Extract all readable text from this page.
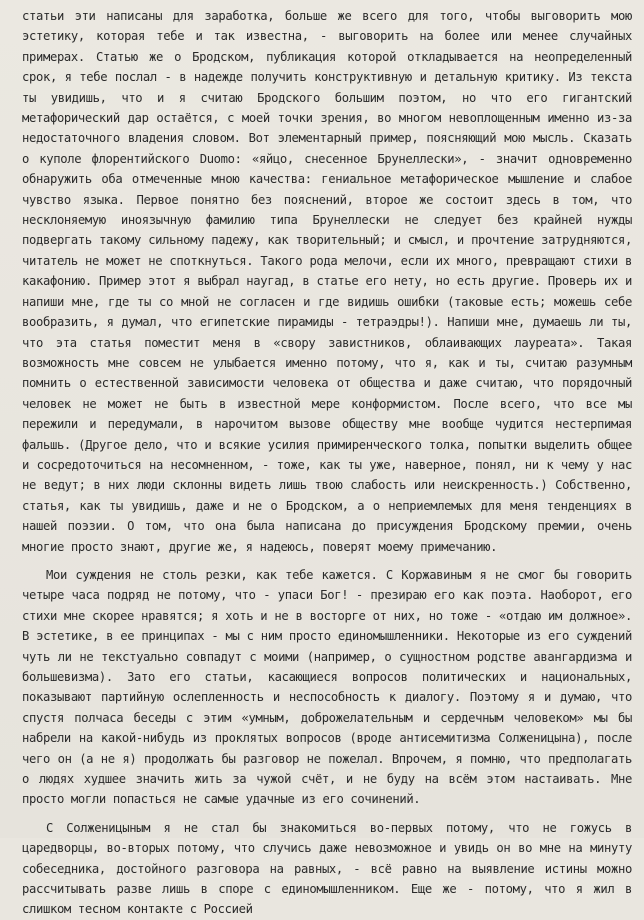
статьи эти написаны для заработка, больше же всего для того, чтобы выговорить мою эстетику, которая тебе и так известна, - выговорить на более или менее случайных примерах. Статью же о Бродском, публикация которой откладывается на неопределенный срок, я тебе послал - в надежде получить конструктивную и детальную критику. Из текста ты увидишь, что и я считаю Бродского большим поэтом, но что его гигантский метафорический дар остаётся, с моей точки зрения, во многом невоплощенным именно из-за недостаточного владения словом. Вот элементарный пример, поясняющий мою мысль. Сказать о куполе флорентийского Duomo: «яйцо, снесенное Брунеллески», - значит одновременно обнаружить оба отмеченные мною качества: гениальное метафорическое мышление и слабое чувство языка. Первое понятно без пояснений, второе же состоит здесь в том, что несклоняемую иноязычную фамилию типа Брунеллески не следует без крайней нужды подвергать такому сильному падежу, как творительный; и смысл, и прочтение затрудняются, читатель не может не споткнуться. Такого рода мелочи, если их много, превращают стихи в какафонию. Пример этот я выбрал наугад, в статье его нету, но есть другие. Проверь их и напиши мне, где ты со мной не согласен и где видишь ошибки (таковые есть; можешь себе вообразить, я думал, что египетские пирамиды - тетраэдры!). Напиши мне, думаешь ли ты, что эта статья поместит меня в «свору завистников, облаивающих лауреата». Такая возможность мне совсем не улыбается именно потому, что я, как и ты, считаю разумным помнить о естественной зависимости человека от общества и даже считаю, что порядочный человек не может не быть в известной мере конформистом. После всего, что все мы пережили и передумали, в нарочитом вызове обществу мне вообще чудится нестерпимая фальшь. (Другое дело, что и всякие усилия примиренческого толка, попытки выделить общее и сосредоточиться на несомненном, - тоже, как ты уже, наверное, понял, ни к чему у нас не ведут; в них люди склонны видеть лишь твою слабость или неискренность.) Собственно, статья, как ты увидишь, даже и не о Бродском, а о неприемлемых для меня тенденциях в нашей поэзии. О том, что она была написана до присуждения Бродскому премии, очень многие просто знают, другие же, я надеюсь, поверят моему примечанию.

Мои суждения не столь резки, как тебе кажется. С Коржавиным я не смог бы говорить четыре часа подряд не потому, что - упаси Бог! - презираю его как поэта. Наоборот, его стихи мне скорее нравятся; я хоть и не в восторге от них, но тоже - «отдаю им должное». В эстетике, в ее принципах - мы с ним просто единомышленники. Некоторые из его суждений чуть ли не текстуально совпадут с моими (например, о сущностном родстве авангардизма и большевизма). Зато его статьи, касающиеся вопросов политических и национальных, показывают партийную ослепленность и неспособность к диалогу. Поэтому я и думаю, что спустя полчаса беседы с этим «умным, доброжелательным и сердечным человеком» мы бы набрели на какой-нибудь из проклятых вопросов (вроде антисемитизма Солженицына), после чего он (а не я) продолжать бы разговор не пожелал. Впрочем, я помню, что предполагать о людях худшее значить жить за чужой счёт, и не буду на всём этом настаивать. Мне просто могли попасться не самые удачные из его сочинений.

С Солженицыным я не стал бы знакомиться во-первых потому, что не гожусь в царедворцы, во-вторых потому, что случись даже невозможное и увидь он во мне на минуту собеседника, достойного разговора на равных, - всё равно на выявление истины можно рассчитывать разве лишь в споре с единомышленником. Еще же - потому, что я жил в слишком тесном контакте с Россией
